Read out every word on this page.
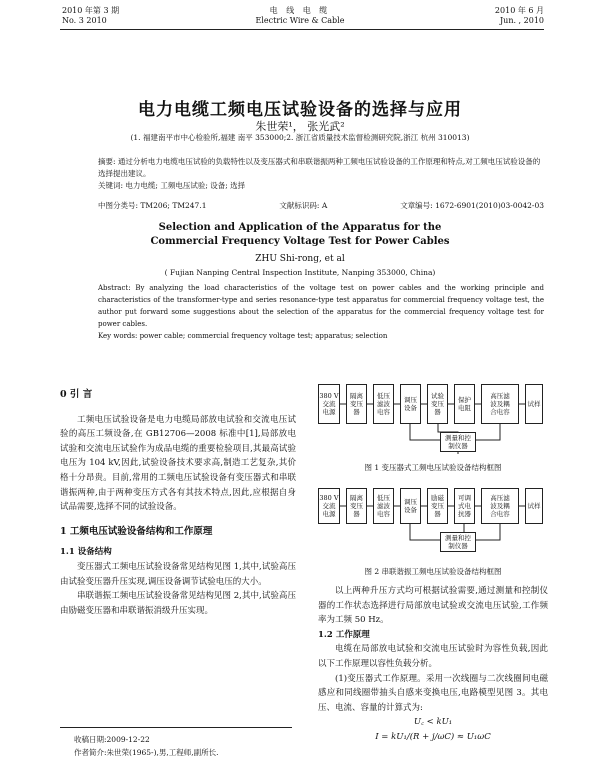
2010 年第 3 期
No. 3 2010
电 线 电 缆
Electric Wire & Cable
2010 年 6 月
Jun. , 2010
电力电缆工频电压试验设备的选择与应用
朱世荣¹， 张光武²
(1. 福建南平市中心检验所,福建 南平 353000;2. 浙江省质量技术监督检测研究院,浙江 杭州 310013)
摘要: 通过分析电力电缆电压试验的负载特性以及变压器式和串联谐振两种工频电压试验设备的工作原理和特点,对工频电压试验设备的选择提出建议。
关键词: 电力电缆; 工频电压试验; 设备; 选择
中图分类号: TM206; TM247.1	文献标识码: A	文章编号: 1672-6901(2010)03-0042-03
Selection and Application of the Apparatus for the
Commercial Frequency Voltage Test for Power Cables
ZHU Shi-rong, et al
( Fujian Nanping Central Inspection Institute, Nanping 353000, China)
Abstract: By analyzing the load characteristics of the voltage test on power cables and the working principle and characteristics of the transformer-type and series resonance-type test apparatus for commercial frequency voltage test, the author put forward some suggestions about the selection of the apparatus for the commercial frequency voltage test for power cables.
Key words: power cable; commercial frequency voltage test; apparatus; selection
0 引 言
工频电压试验设备是电力电缆局部放电试验和交流电压试验的高压工频设备,在 GB12706—2008 标准中[1],局部放电试验和交流电压试验作为成品电缆的重要检验项目,其最高试验电压为 104 kV,因此,试验设备技术要求高,制造工艺复杂,其价格十分昂贵。目前,常用的工频电压试验设备有变压器式和串联谐振两种,由于两种变压方式各有其技术特点,因此,应根据自身试品需要,选择不同的试验设备。
1 工频电压试验设备结构和工作原理
1.1 设备结构
变压器式工频电压试验设备常见结构见图 1,其中,试验高压由试验变压器升压实现,调压设备调节试验电压的大小。
串联谐振工频电压试验设备常见结构见图 2,其中,试验高压由励磁变压器和串联谐振消级升压实现。
收稿日期:2009-12-22
作者简介:朱世荣(1965-),男,工程师,副所长.
380 V
交流
电源
隔离
变压
器
低压
滤波
电容
调压
设备
试验
变压
器
保护
电阻
高压滤
波及耦
合电容
试样
测量和控
制仪器
图 1 变压器式工频电压试验设备结构框图
380 V
交流
电源
隔离
变压
器
低压
滤波
电容
调压
设备
励磁
变压
器
可调
式电
抗器
高压滤
波及耦
合电容
试样
测量和控
制仪器
图 2 串联谐振工频电压试验设备结构框图
以上两种升压方式均可根据试验需要,通过测量和控制仪器的工作状态选择进行局部放电试验或交流电压试验,工作频率为工频 50 Hz。
1.2 工作原理
电缆在局部放电试验和交流电压试验时为容性负载,因此以下工作原理以容性负载分析。
(1)变压器式工作原理。采用一次线圈与二次线圈间电磁感应和同线圈带抽头自感来变换电压,电路模型见图 3。其电压、电流、容量的计算式为:
U꜀ < kU₁
I = kU₁/(R + j/ωC) ≈ U₁ωC
